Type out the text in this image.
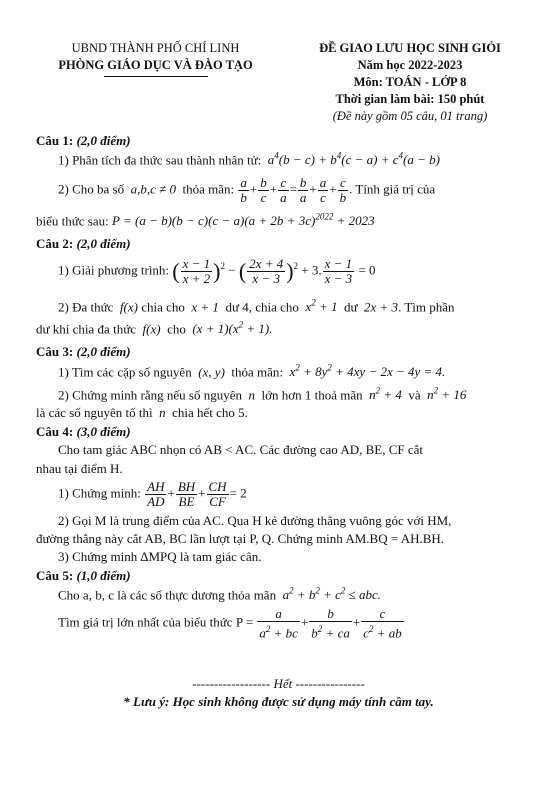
UBND THÀNH PHỐ CHÍ LINH
PHÒNG GIÁO DỤC VÀ ĐÀO TẠO
ĐỀ GIAO LƯU HỌC SINH GIỎI
Năm học 2022-2023
Môn: TOÁN - LỚP 8
Thời gian làm bài: 150 phút
(Đề này gồm 05 câu, 01 trang)
Câu 1: (2,0 điểm)
1) Phân tích đa thức sau thành nhân tử:  $a^4(b - c) + b^4(c - a) + c^4(a - b)$
2) Cho ba số  a,b,c ≠ 0  thỏa mãn: $\frac{a}{b} + \frac{b}{c} + \frac{c}{a} = \frac{b}{a} + \frac{a}{c} + \frac{c}{b}$ . Tính giá trị của
biểu thức sau: $P = (a - b)(b - c)(c - a)(a + 2b + 3c)^{2022} + 2023$
Câu 2: (2,0 điểm)
1) Giải phương trình: ( $\frac{x - 1}{x + 2} )^2$ − ( $\frac{2x + 4}{x - 3} )^2 + 3$. $\frac{x - 1}{x - 3} = 0$
2) Đa thức  f(x) chia cho  x + 1  dư 4, chia cho  $x^2 + 1$  dư  2x + 3. Tìm phần
dư khi chia đa thức  f(x)  cho  $(x + 1)(x^2 + 1)$.
Câu 3: (2,0 điểm)
1) Tìm các cặp số nguyên  (x, y)  thỏa mãn:  $x^2 + 8y^2 + 4xy - 2x - 4y = 4$.
2) Chứng minh rằng nếu số nguyên  n  lớn hơn 1 thoả mãn  $n^2 + 4$  và  $n^2 + 16$
là các số nguyên tố thì  n  chia hết cho 5.
Câu 4: (3,0 điểm)
Cho tam giác ABC nhọn có AB < AC. Các đường cao AD, BE, CF cắt
nhau tại điểm H.
1) Chứng minh: $\frac{AH}{AD} + \frac{BH}{BE} + \frac{CH}{CF} = 2$
2) Gọi M là trung điểm của AC. Qua H kẻ đường thẳng vuông góc với HM,
đường thẳng này cắt AB, BC lần lượt tại P, Q. Chứng minh AM.BQ = AH.BH.
3) Chứng minh ∆MPQ là tam giác cân.
Câu 5: (1,0 điểm)
Cho a, b, c là các số thực dương thỏa mãn  $a^2 + b^2 + c^2$ ≤ abc.
Tìm giá trị lớn nhất của biểu thức $P = \frac{a}{a^2 + bc} + \frac{b}{b^2 + ca} + \frac{c}{c^2 + ab}$
------------------ Hết ----------------
* Lưu ý: Học sinh không được sử dụng máy tính cầm tay.
